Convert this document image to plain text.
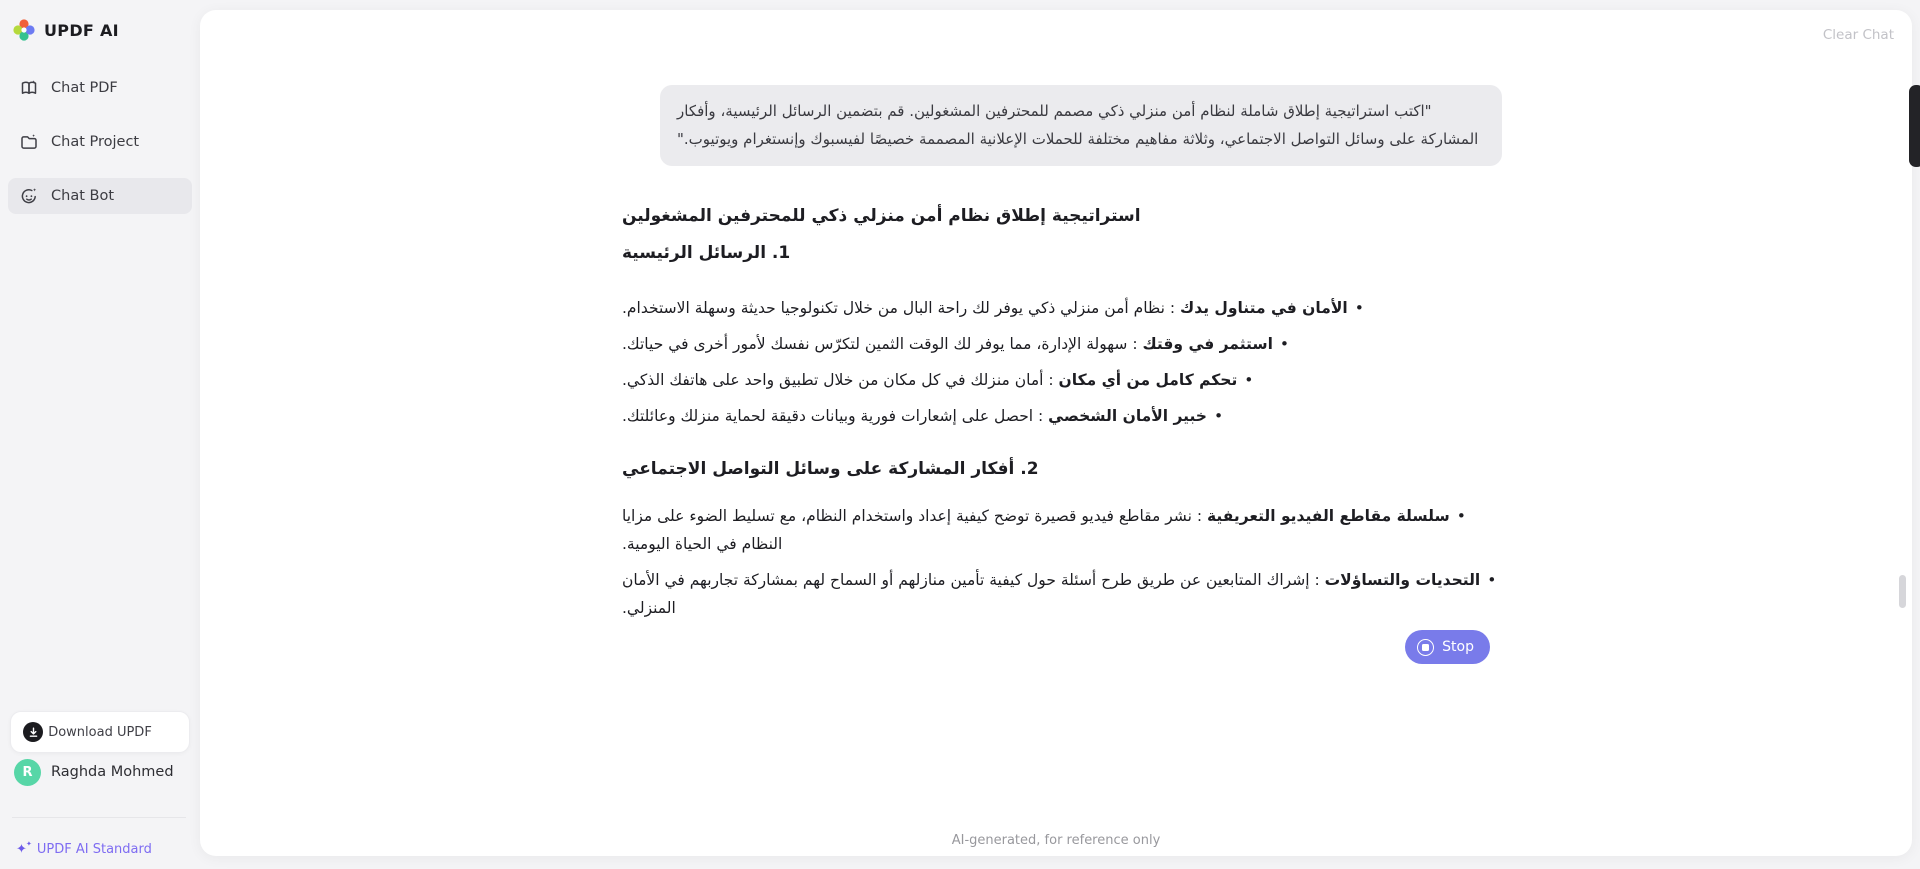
UPDF AI
Chat PDF
Chat Project
Chat Bot
Download UPDF
R	Raghda Mohmed
✦ ✦ UPDF AI Standard
Clear Chat
"اكتب استراتيجية إطلاق شاملة لنظام أمن منزلي ذكي مصمم للمحترفين المشغولين. قم بتضمين الرسائل الرئيسية، وأفكار المشاركة على وسائل التواصل الاجتماعي، وثلاثة مفاهيم مختلفة للحملات الإعلانية المصممة خصيصًا لفيسبوك وإنستغرام ويوتيوب."
استراتيجية إطلاق نظام أمن منزلي ذكي للمحترفين المشغولين
1. الرسائل الرئيسية
•الأمان في متناول يدك : نظام أمن منزلي ذكي يوفر لك راحة البال من خلال تكنولوجيا حديثة وسهلة الاستخدام.
•استثمر في وقتك : سهولة الإدارة، مما يوفر لك الوقت الثمين لتكرّس نفسك لأمور أخرى في حياتك.
•تحكم كامل من أي مكان : أمان منزلك في كل مكان من خلال تطبيق واحد على هاتفك الذكي.
•خبير الأمان الشخصي : احصل على إشعارات فورية وبيانات دقيقة لحماية منزلك وعائلتك.
2. أفكار المشاركة على وسائل التواصل الاجتماعي
•سلسلة مقاطع الفيديو التعريفية : نشر مقاطع فيديو قصيرة توضح كيفية إعداد واستخدام النظام، مع تسليط الضوء على مزايا النظام في الحياة اليومية.
•التحديات والتساؤلات : إشراك المتابعين عن طريق طرح أسئلة حول كيفية تأمين منازلهم أو السماح لهم بمشاركة تجاربهم في الأمان المنزلي.
Stop
AI-generated, for reference only
